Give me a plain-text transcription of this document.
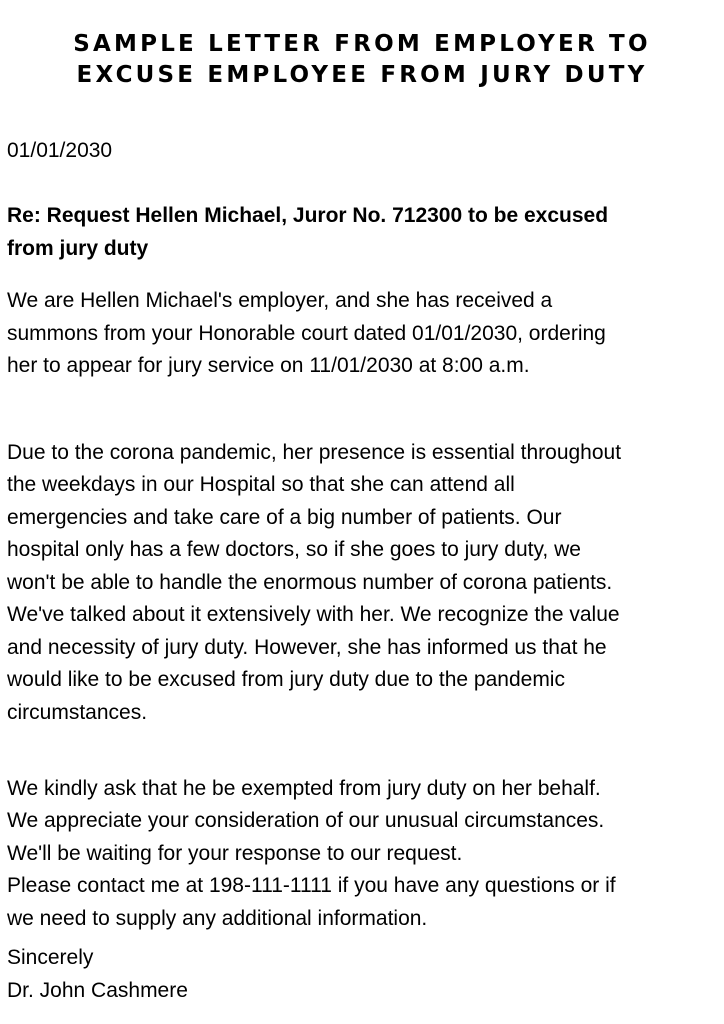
SAMPLE LETTER FROM EMPLOYER TO
EXCUSE EMPLOYEE FROM JURY DUTY
01/01/2030
Re: Request Hellen Michael, Juror No. 712300 to be excused
from jury duty
We are Hellen Michael's employer, and she has received a
summons from your Honorable court dated 01/01/2030, ordering
her to appear for jury service on 11/01/2030 at 8:00 a.m.
Due to the corona pandemic, her presence is essential throughout
the weekdays in our Hospital so that she can attend all
emergencies and take care of a big number of patients. Our
hospital only has a few doctors, so if she goes to jury duty, we
won't be able to handle the enormous number of corona patients.
We've talked about it extensively with her. We recognize the value
and necessity of jury duty. However, she has informed us that he
would like to be excused from jury duty due to the pandemic
circumstances.
We kindly ask that he be exempted from jury duty on her behalf.
We appreciate your consideration of our unusual circumstances.
We'll be waiting for your response to our request.
Please contact me at 198-111-1111 if you have any questions or if
we need to supply any additional information.
Sincerely
Dr. John Cashmere
